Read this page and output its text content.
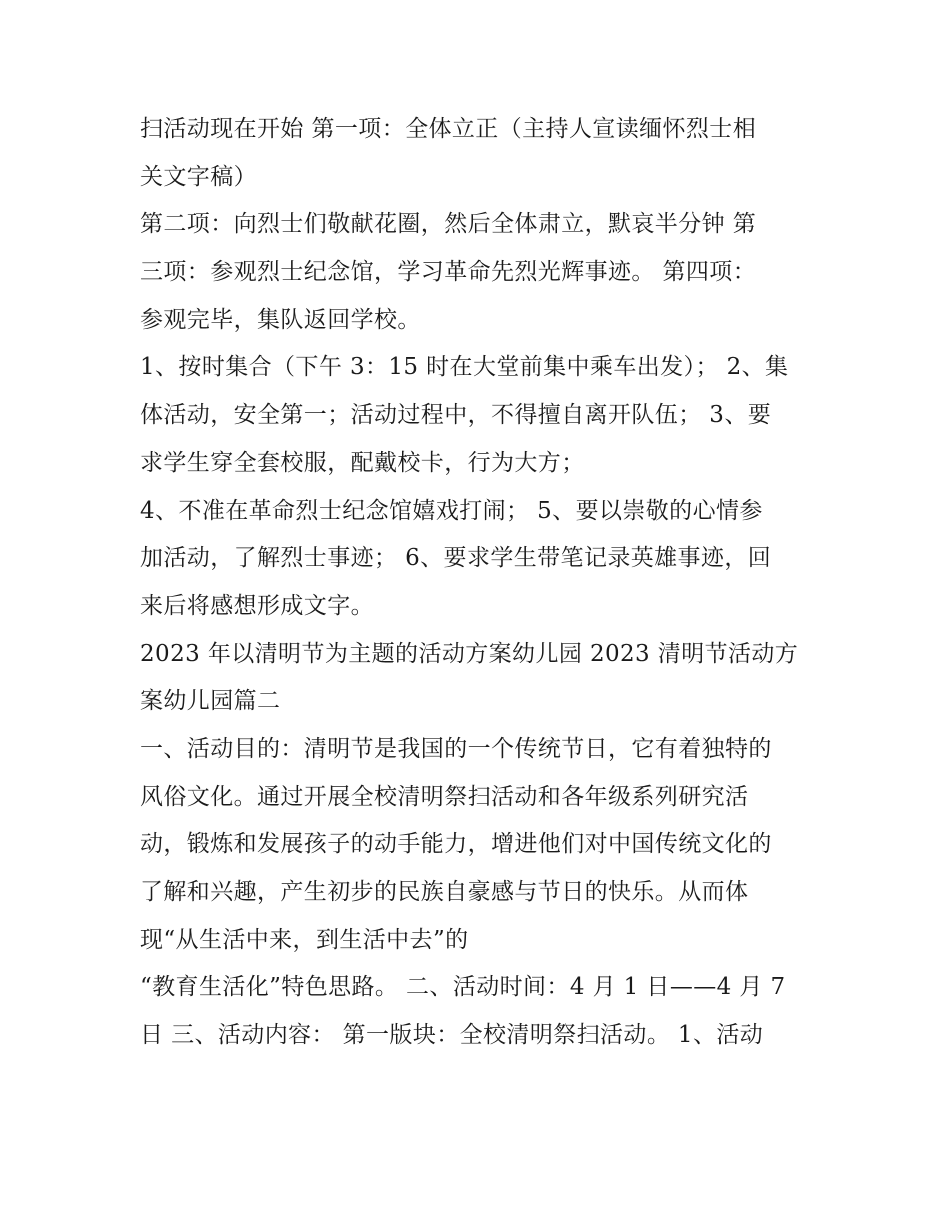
扫活动现在开始 第一项：全体立正（主持人宣读缅怀烈士相
关文字稿）
第二项：向烈士们敬献花圈，然后全体肃立，默哀半分钟 第
三项：参观烈士纪念馆，学习革命先烈光辉事迹。 第四项：
参观完毕，集队返回学校。
1、按时集合（下午 3：15 时在大堂前集中乘车出发）； 2、集
体活动，安全第一；活动过程中，不得擅自离开队伍； 3、要
求学生穿全套校服，配戴校卡，行为大方；
4、不准在革命烈士纪念馆嬉戏打闹； 5、要以崇敬的心情参
加活动，了解烈士事迹； 6、要求学生带笔记录英雄事迹，回
来后将感想形成文字。
2023 年以清明节为主题的活动方案幼儿园 2023 清明节活动方
案幼儿园篇二
一、活动目的：清明节是我国的一个传统节日，它有着独特的
风俗文化。通过开展全校清明祭扫活动和各年级系列研究活
动，锻炼和发展孩子的动手能力，增进他们对中国传统文化的
了解和兴趣，产生初步的民族自豪感与节日的快乐。从而体
现“从生活中来，到生活中去”的
“教育生活化”特色思路。 二、活动时间：4 月 1 日——4 月 7
日 三、活动内容： 第一版块：全校清明祭扫活动。 1、活动
